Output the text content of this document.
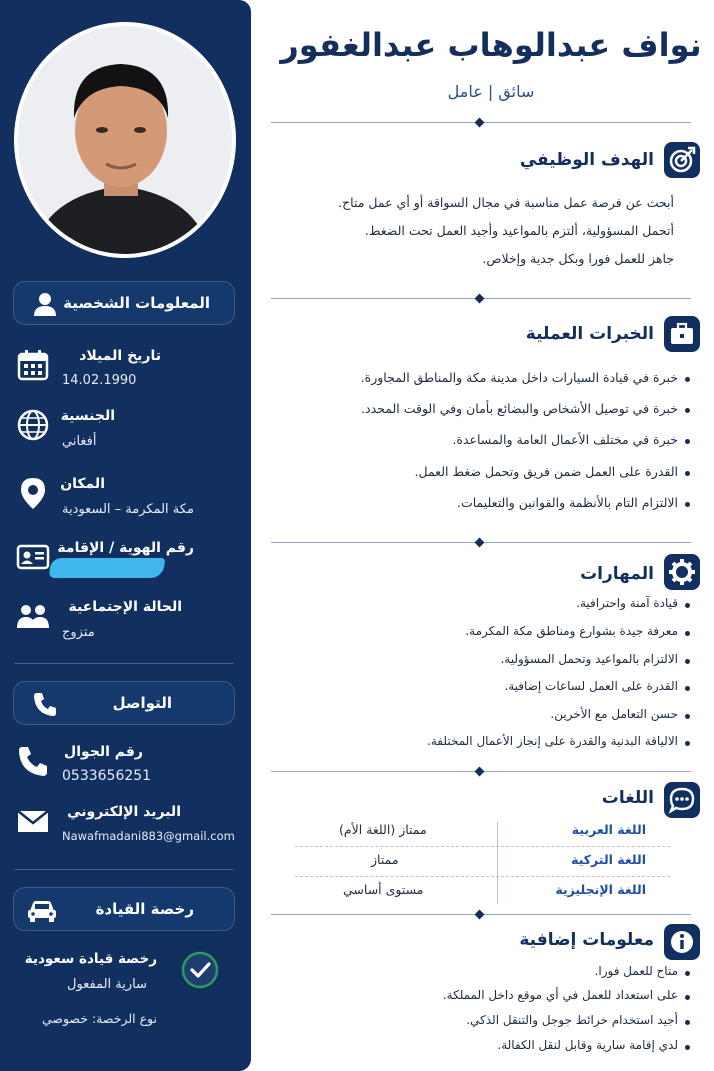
المعلومات الشخصية
تاريخ الميلاد
14.02.1990
الجنسية
أفغاني
المكان
مكة المكرمة – السعودية
رقم الهوية / الإقامة
الحالة الإجتماعية
متزوج
التواصل
رقم الجوال
0533656251
البريد الإلكتروني
Nawafmadani883@gmail.com
رخصة القيادة
رخصة قيادة سعودية
سارية المفعول
نوع الرخصة: خصوصي
نواف عبدالوهاب عبدالغفور
سائق | عامل
الهدف الوظيفي

أبحث عن فرصة عمل مناسبة في مجال السواقة أو أي عمل متاح.

أتحمل المسؤولية، ألتزم بالمواعيد وأجيد العمل تحت الضغط.

جاهز للعمل فورا وبكل جدية وإخلاص.

الخبرات العملية

خبرة في قيادة السيارات داخل مدينة مكة والمناطق المجاورة.

خبرة في توصيل الأشخاص والبضائع بأمان وفي الوقت المحدد.

خبرة في مختلف الأعمال العامة والمساعدة.

القدرة على العمل ضمن فريق وتحمل ضغط العمل.

الالتزام التام بالأنظمة والقوانين والتعليمات.

المهارات

قيادة آمنة واحترافية.

معرفة جيدة بشوارع ومناطق مكة المكرمة.

الالتزام بالمواعيد وتحمل المسؤولية.

القدرة على العمل لساعات إضافية.

حسن التعامل مع الأخرين.

الالياقة البدنية والقدرة على إنجاز الأعمال المختلفة.

اللغات
اللغة العربية
ممتاز (اللغة الأم)
اللغة التركية
ممتاز
اللغة الإنجليزية
مستوى أساسي
معلومات إضافية

متاح للعمل فورا.

على استعداد للعمل في أي موقع داخل المملكة.

أجيد استخدام خرائط جوجل والتنقل الذكي.

لدي إقامة سارية وقابل لنقل الكفالة.
